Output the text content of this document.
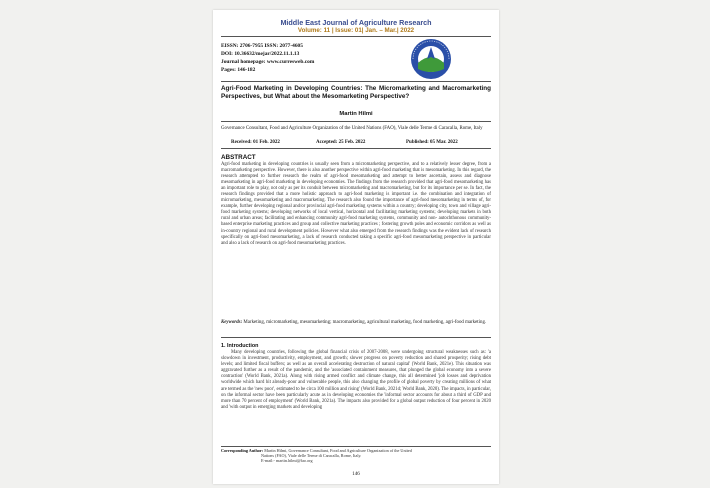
Middle East Journal of Agriculture Research
Volume: 11 | Issue: 01| Jan. – Mar.| 2022
EISSN: 2706-7955 ISSN: 2077-4605
DOI: 10.36632/mejar/2022.11.1.13
Journal homepage: www.curresweb.com
Pages: 146-182
Agri-Food Marketing in Developing Countries: The Micromarketing and Macromarketing Perspectives, but What about the Mesomarketing Perspective?
Martin Hilmi
Governance Consultant, Food and Agriculture Organization of the United Nations (FAO), Viale delle Terme di Caracalla, Rome, Italy
Received: 01 Feb. 2022	Accepted: 25 Feb. 2022	Published: 05 Mar. 2022
ABSTRACT
Agri-food marketing in developing countries is usually seen from a micromarketing perspective, and to a relatively lesser degree, from a macromarketing perspective. However, there is also another perspective within agri-food marketing that is mesomarketing. In this regard, the research attempted to further research the realm of agri-food mesomarketing and attempt to better ascertain, assess and diagnose mesomarketing in agri-food marketing in developing economies. The findings from the research provided that agri-food mesomarketing has an important role to play, not only as per its conduit between micromarketing and macromarketing, but for its importance per se. In fact, the research findings provided that a more holistic approach to agri-food marketing is important i.e. the combination and integration of micromarketing, mesomarketing and macromarketing. The research also found the importance of agri-food mesomarketing in terms of, for example, further developing regional and/or provincial agri-food marketing systems within a country; developing city, town and village agri-food marketing systems; developing networks of local vertical, horizontal and facilitating marketing systems; developing markets in both rural and urban areas; facilitating and enhancing community agri-food marketing systems, community and non- autochthonous community-based enterprise marketing practices and group and collective marketing practices ; fostering growth poles and economic corridors as well as in-country regional and rural development policies. However what also emerged from the research findings was the evident lack of research specifically on agri-food mesomarketing, a lack of research conducted taking a specific agri-food mesomarketing perspective in particular and also a lack of research on agri-food mesomarketing practices.
Keywords: Marketing, micromarketing, mesomarketing; macromarketing, agricultural marketing, food marketing, agri-food marketing.
1. Introduction
Many developing countries, following the global financial crisis of 2007-2008, were undergoing structural weaknesses such as: 'a slowdown in investment, productivity, employment, and growth; slower progress on poverty reduction and shared prosperity; rising debt levels; and limited fiscal buffers; as well as an overall accelerating destruction of natural capital' (World Bank, 2021e). This situation was aggravated further as a result of the pandemic, and the 'associated containment measures, that plunged the global economy into a severe contraction' (World Bank, 2021a). Along with rising armed conflict and climate change, this all determined 'job losses and deprivation worldwide which hard hit already-poor and vulnerable people, this also changing the profile of global poverty by creating millions of what are termed as the 'new poor', estimated to be circa 100 million and rising' (World Bank, 2021d; World Bank, 2020). The impacts, in particular, on the informal sector have been particularly acute as in developing economies the 'informal sector accounts for about a third of GDP and more than 70 percent of employment' (World Bank, 2021a). The impacts also provided for a global output reduction of four percent in 2020 and 'with output in emerging markets and developing
Corresponding Author: Martin Hilmi, Governance Consultant, Food and Agriculture Organization of the United
Nations (FAO), Viale delle Terme di Caracalla, Rome, Italy.
E-mail:- martin.hilmi@fao.org
146
